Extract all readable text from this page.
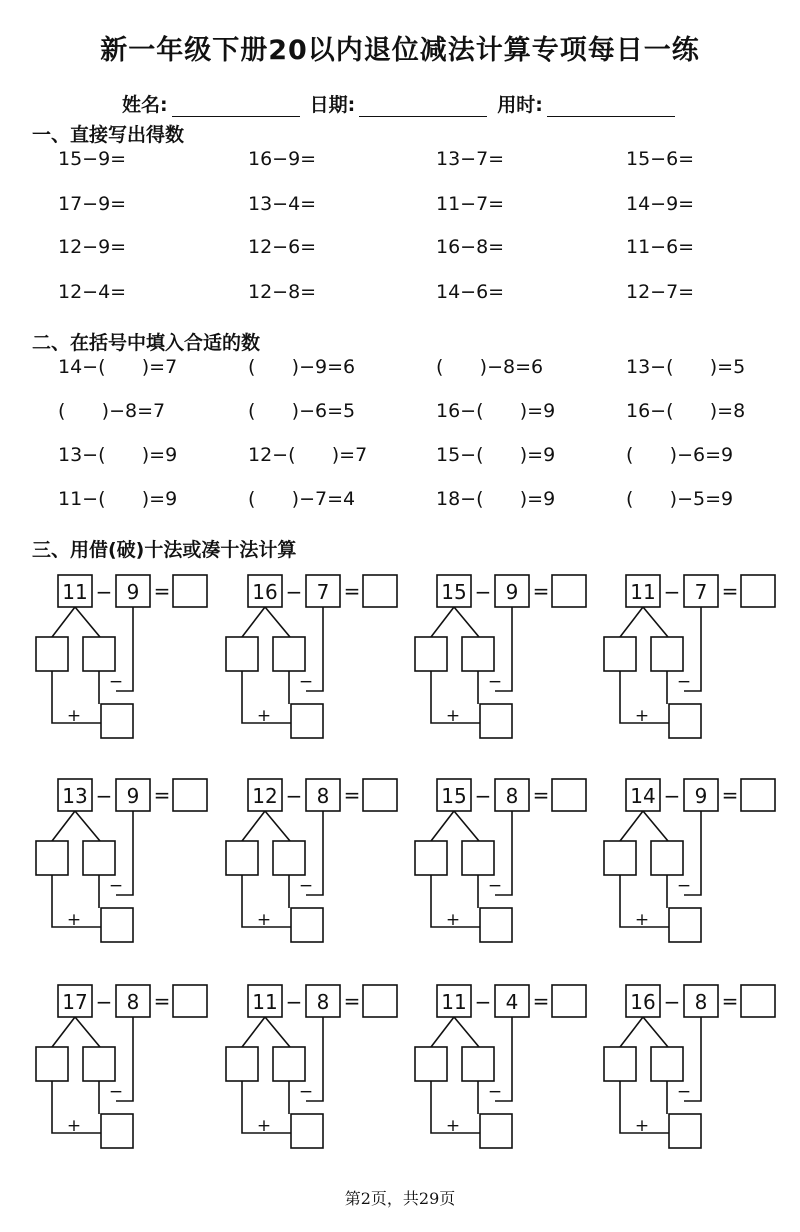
新一年级下册20以内退位减法计算专项每日一练
姓名:	日期:	用时:
一、直接写出得数
15−9=	16−9=	13−7=	15−6=
17−9=	13−4=	11−7=	14−9=
12−9=	12−6=	16−8=	11−6=
12−4=	12−8=	14−6=	12−7=
二、在括号中填入合适的数
14−(      )=7	(      )−9=6	(      )−8=6	13−(      )=5
(      )−8=7	(      )−6=5	16−(      )=9	16−(      )=8
13−(      )=9	12−(      )=7	15−(      )=9	(      )−6=9
11−(      )=9	(      )−7=4	18−(      )=9	(      )−5=9
三、用借(破)十法或凑十法计算
11 − 9 =
−
+
16 − 7 =
−
+
15 − 9 =
−
+
11 − 7 =
−
+
13 − 9 =
−
+
12 − 8 =
−
+
15 − 8 =
−
+
14 − 9 =
−
+
17 − 8 =
−
+
11 − 8 =
−
+
11 − 4 =
−
+
16 − 8 =
−
+
第2页，共29页
